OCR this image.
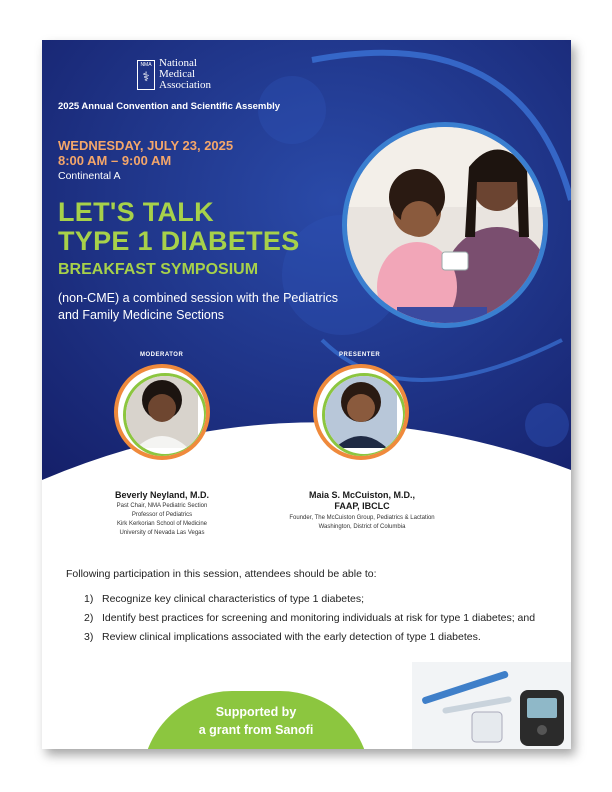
NMA
⚕
National
Medical
Association
2025 Annual Convention and Scientific Assembly
WEDNESDAY, JULY 23, 2025
8:00 AM – 9:00 AM
Continental A
LET'S TALK
TYPE 1 DIABETES
BREAKFAST SYMPOSIUM
(non-CME) a combined session with the Pediatrics and Family Medicine Sections
MODERATOR	PRESENTER
Beverly Neyland, M.D.
Past Chair, NMA Pediatric Section
Professor of Pediatrics
Kirk Kerkorian School of Medicine
University of Nevada Las Vegas
Maia S. McCuiston, M.D.,
FAAP, IBCLC
Founder, The McCuiston Group, Pediatrics & Lactation
Washington, District of Columbia
Following participation in this session, attendees should be able to:
1) Recognize key clinical characteristics of type 1 diabetes;
2) Identify best practices for screening and monitoring individuals at risk for type 1 diabetes; and
3) Review clinical implications associated with the early detection of type 1 diabetes.
Supported by
a grant from Sanofi
